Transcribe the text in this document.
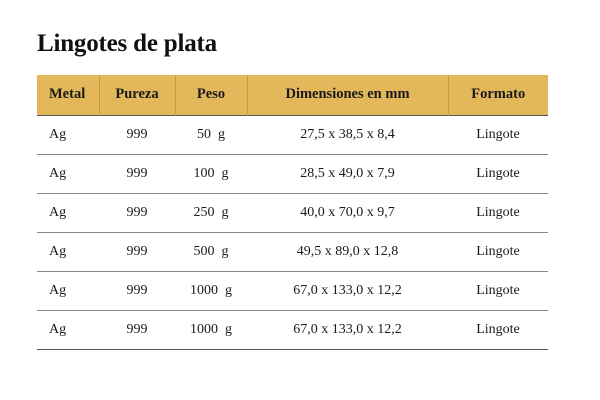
Lingotes de plata
Metal	Pureza	Peso	Dimensiones en mm	Formato
Ag	999	50  g	27,5 x 38,5 x 8,4	Lingote
Ag	999	100  g	28,5 x 49,0 x 7,9	Lingote
Ag	999	250  g	40,0 x 70,0 x 9,7	Lingote
Ag	999	500  g	49,5 x 89,0 x 12,8	Lingote
Ag	999	1000  g	67,0 x 133,0 x 12,2	Lingote
Ag	999	1000  g	67,0 x 133,0 x 12,2	Lingote
